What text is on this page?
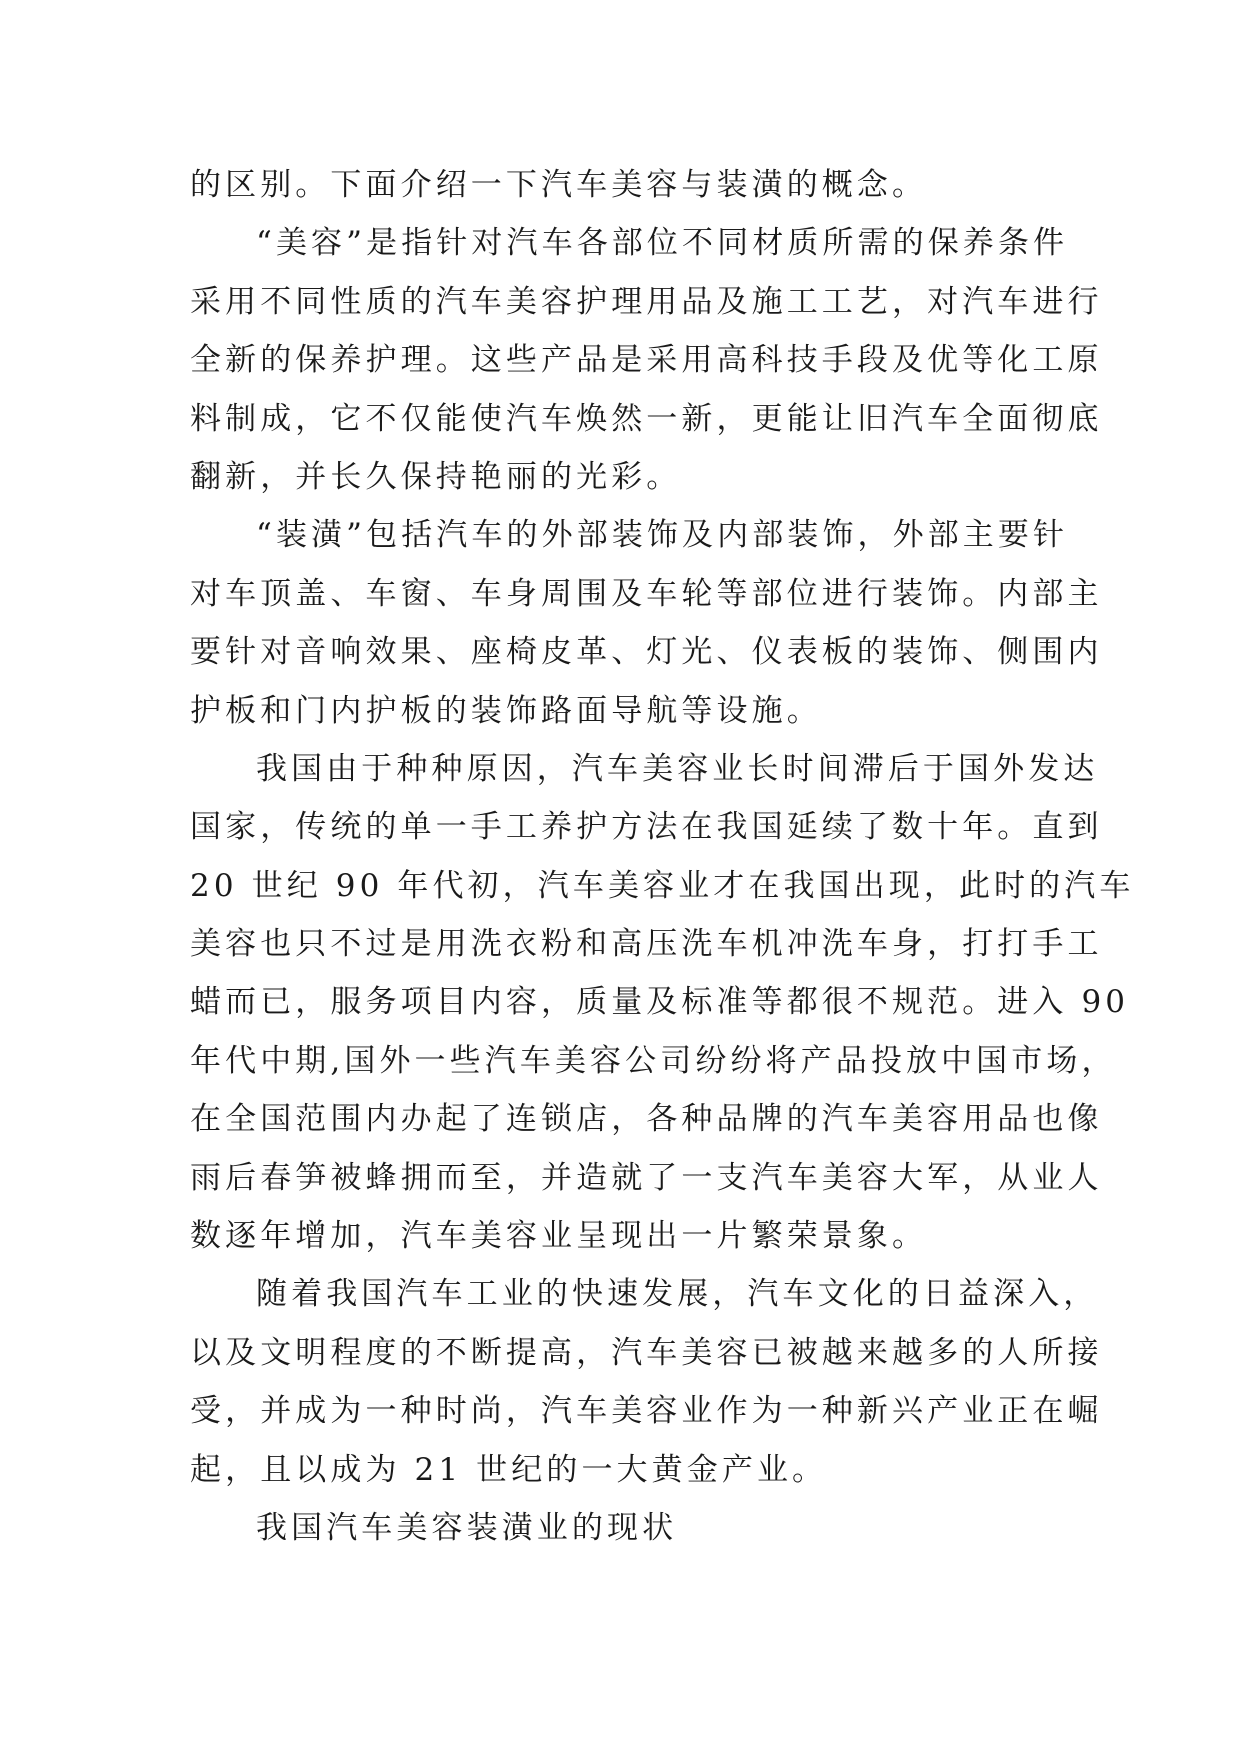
的区别。下面介绍一下汽车美容与装潢的概念。
“美容”是指针对汽车各部位不同材质所需的保养条件
采用不同性质的汽车美容护理用品及施工工艺，对汽车进行
全新的保养护理。这些产品是采用高科技手段及优等化工原
料制成，它不仅能使汽车焕然一新，更能让旧汽车全面彻底
翻新，并长久保持艳丽的光彩。
“装潢”包括汽车的外部装饰及内部装饰，外部主要针
对车顶盖、车窗、车身周围及车轮等部位进行装饰。内部主
要针对音响效果、座椅皮革、灯光、仪表板的装饰、侧围内
护板和门内护板的装饰路面导航等设施。
我国由于种种原因，汽车美容业长时间滞后于国外发达
国家，传统的单一手工养护方法在我国延续了数十年。直到
20 世纪 90 年代初，汽车美容业才在我国出现，此时的汽车
美容也只不过是用洗衣粉和高压洗车机冲洗车身，打打手工
蜡而已，服务项目内容，质量及标准等都很不规范。进入 90
年代中期,国外一些汽车美容公司纷纷将产品投放中国市场，
在全国范围内办起了连锁店，各种品牌的汽车美容用品也像
雨后春笋被蜂拥而至，并造就了一支汽车美容大军，从业人
数逐年增加，汽车美容业呈现出一片繁荣景象。
随着我国汽车工业的快速发展，汽车文化的日益深入，
以及文明程度的不断提高，汽车美容已被越来越多的人所接
受，并成为一种时尚，汽车美容业作为一种新兴产业正在崛
起，且以成为 21 世纪的一大黄金产业。
我国汽车美容装潢业的现状
